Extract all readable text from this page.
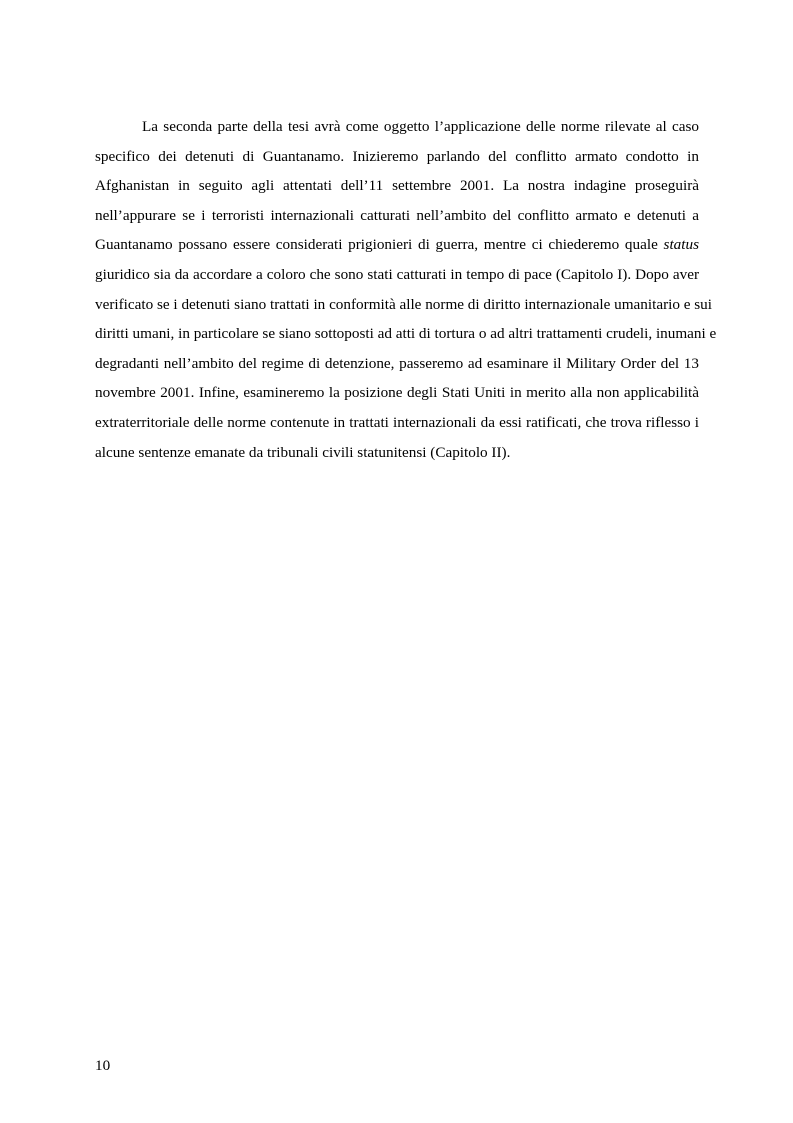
La seconda parte della tesi avrà come oggetto l’applicazione delle norme rilevate al caso
specifico dei detenuti di Guantanamo. Inizieremo parlando del conflitto armato condotto in
Afghanistan in seguito agli attentati dell’11 settembre 2001. La nostra indagine proseguirà
nell’appurare se i terroristi internazionali catturati nell’ambito del conflitto armato e detenuti a
Guantanamo possano essere considerati prigionieri di guerra, mentre ci chiederemo quale status
giuridico sia da accordare a coloro che sono stati catturati in tempo di pace (Capitolo I). Dopo aver
verificato se i detenuti siano trattati in conformità alle norme di diritto internazionale umanitario e sui
diritti umani, in particolare se siano sottoposti ad atti di tortura o ad altri trattamenti crudeli, inumani e
degradanti nell’ambito del regime di detenzione, passeremo ad esaminare il Military Order del 13
novembre 2001. Infine, esamineremo la posizione degli Stati Uniti in merito alla non applicabilità
extraterritoriale delle norme contenute in trattati internazionali da essi ratificati, che trova riflesso i
alcune sentenze emanate da tribunali civili statunitensi (Capitolo II).
10
